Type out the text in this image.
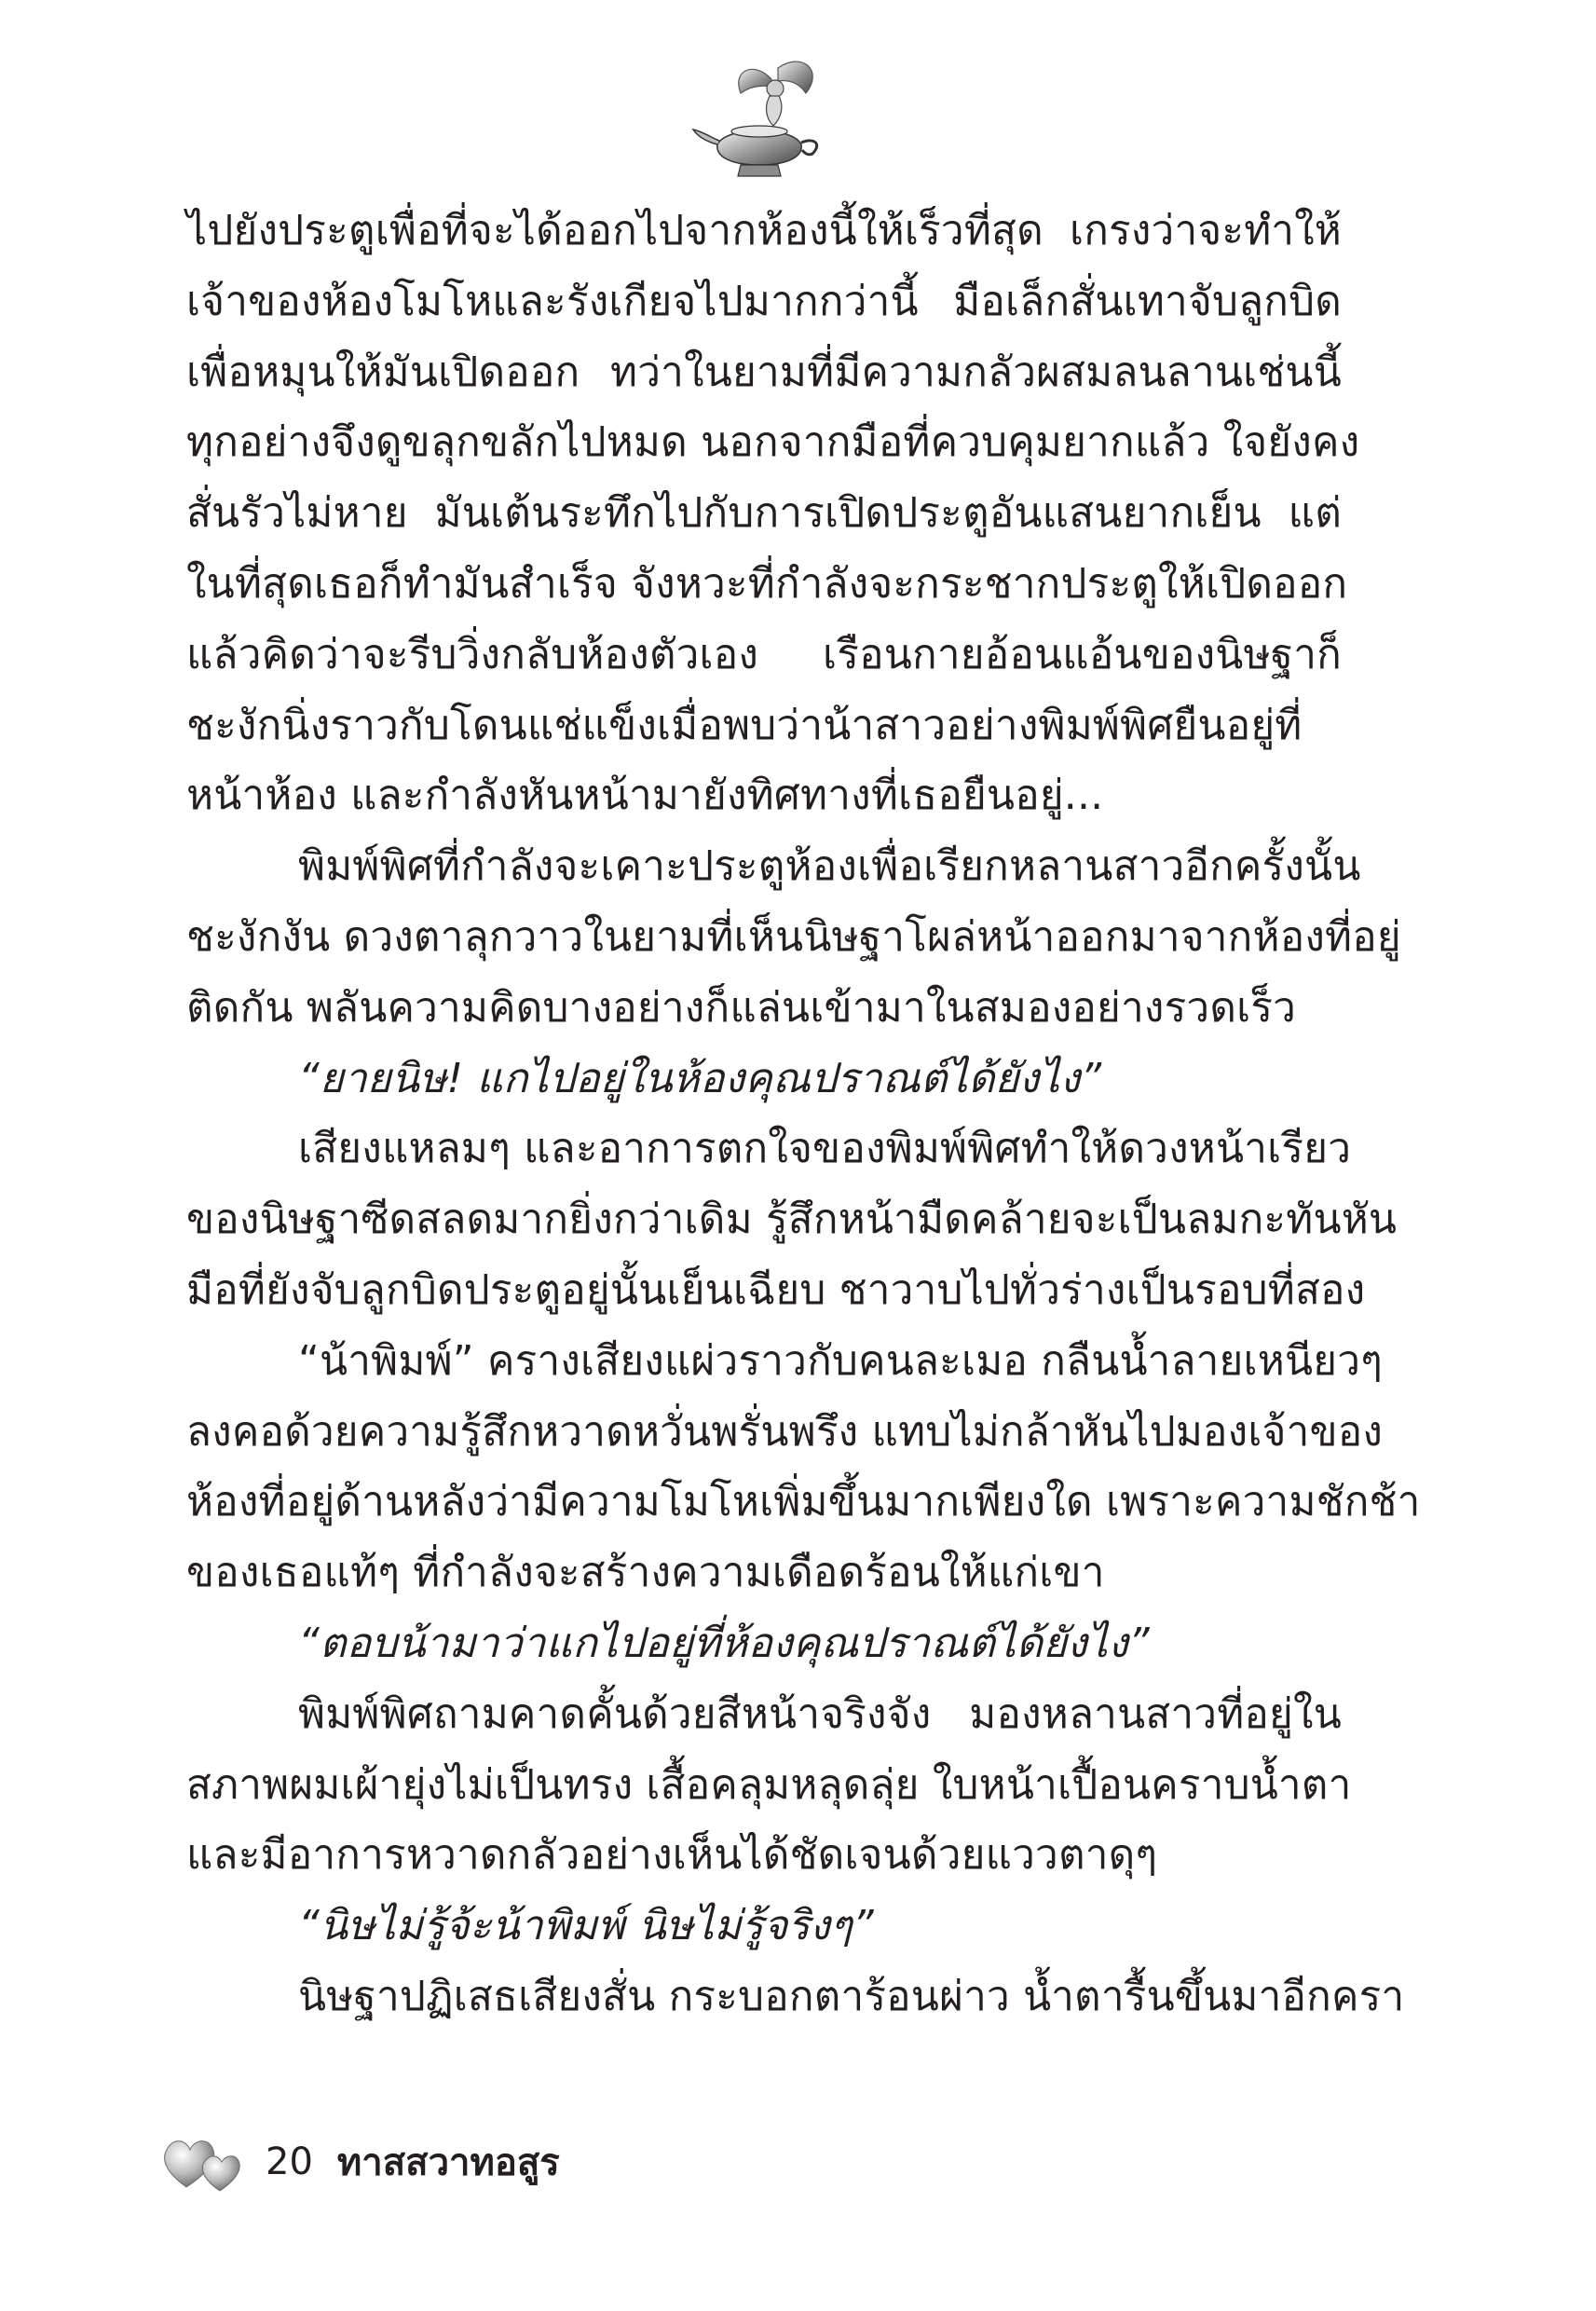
ไปยังประตูเพื่อที่จะได้ออกไปจากห้องนี้ให้เร็วที่สุด เกรงว่าจะทำให้
เจ้าของห้องโมโหและรังเกียจไปมากกว่านี้ มือเล็กสั่นเทาจับลูกบิด
เพื่อหมุนให้มันเปิดออก ทว่าในยามที่มีความกลัวผสมลนลานเช่นนี้
ทุกอย่างจึงดูขลุกขลักไปหมด นอกจากมือที่ควบคุมยากแล้ว ใจยังคง
สั่นรัวไม่หาย มันเต้นระทึกไปกับการเปิดประตูอันแสนยากเย็น แต่
ในที่สุดเธอก็ทำมันสำเร็จ จังหวะที่กำลังจะกระชากประตูให้เปิดออก
แล้วคิดว่าจะรีบวิ่งกลับห้องตัวเอง เรือนกายอ้อนแอ้นของนิษฐาก็
ชะงักนิ่งราวกับโดนแช่แข็งเมื่อพบว่าน้าสาวอย่างพิมพ์พิศยืนอยู่ที่
หน้าห้อง และกำลังหันหน้ามายังทิศทางที่เธอยืนอยู่...
พิมพ์พิศที่กำลังจะเคาะประตูห้องเพื่อเรียกหลานสาวอีกครั้งนั้น
ชะงักงัน ดวงตาลุกวาวในยามที่เห็นนิษฐาโผล่หน้าออกมาจากห้องที่อยู่
ติดกัน พลันความคิดบางอย่างก็แล่นเข้ามาในสมองอย่างรวดเร็ว
“ยายนิษ! แกไปอยู่ในห้องคุณปราณต์ได้ยังไง”
เสียงแหลมๆ และอาการตกใจของพิมพ์พิศทำให้ดวงหน้าเรียว
ของนิษฐาซีดสลดมากยิ่งกว่าเดิม รู้สึกหน้ามืดคล้ายจะเป็นลมกะทันหัน
มือที่ยังจับลูกบิดประตูอยู่นั้นเย็นเฉียบ ชาวาบไปทั่วร่างเป็นรอบที่สอง
“น้าพิมพ์” ครางเสียงแผ่วราวกับคนละเมอ กลืนน้ำลายเหนียวๆ
ลงคอด้วยความรู้สึกหวาดหวั่นพรั่นพรึง แทบไม่กล้าหันไปมองเจ้าของ
ห้องที่อยู่ด้านหลังว่ามีความโมโหเพิ่มขึ้นมากเพียงใด เพราะความชักช้า
ของเธอแท้ๆ ที่กำลังจะสร้างความเดือดร้อนให้แก่เขา
“ตอบน้ามาว่าแกไปอยู่ที่ห้องคุณปราณต์ได้ยังไง”
พิมพ์พิศถามคาดคั้นด้วยสีหน้าจริงจัง มองหลานสาวที่อยู่ใน
สภาพผมเผ้ายุ่งไม่เป็นทรง เสื้อคลุมหลุดลุ่ย ใบหน้าเปื้อนคราบน้ำตา
และมีอาการหวาดกลัวอย่างเห็นได้ชัดเจนด้วยแววตาดุๆ
“นิษไม่รู้จ้ะน้าพิมพ์ นิษไม่รู้จริงๆ”
นิษฐาปฏิเสธเสียงสั่น กระบอกตาร้อนผ่าว น้ำตารื้นขึ้นมาอีกครา
20 ทาสสวาทอสูร
